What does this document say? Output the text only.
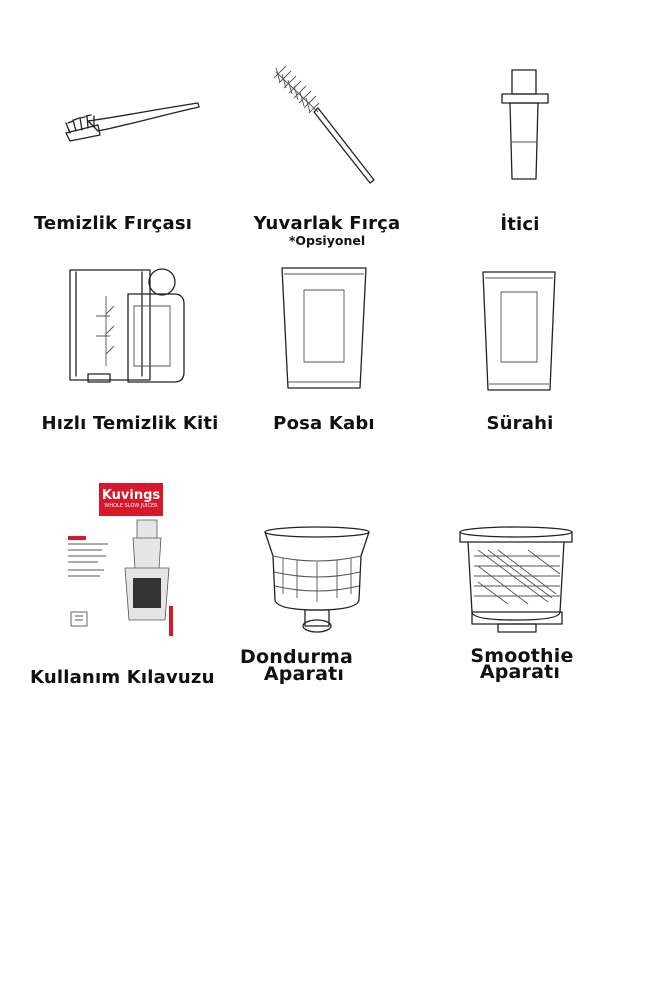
Temizlik Fırçası	Yuvarlak Fırça
*Opsiyonel
İtici
Hızlı Temizlik Kiti	Posa Kabı	Sürahi
Kuvings
WHOLE SLOW JUICER
Kullanım Kılavuzu
Dondurma
Aparatı
Smoothie
Aparatı
